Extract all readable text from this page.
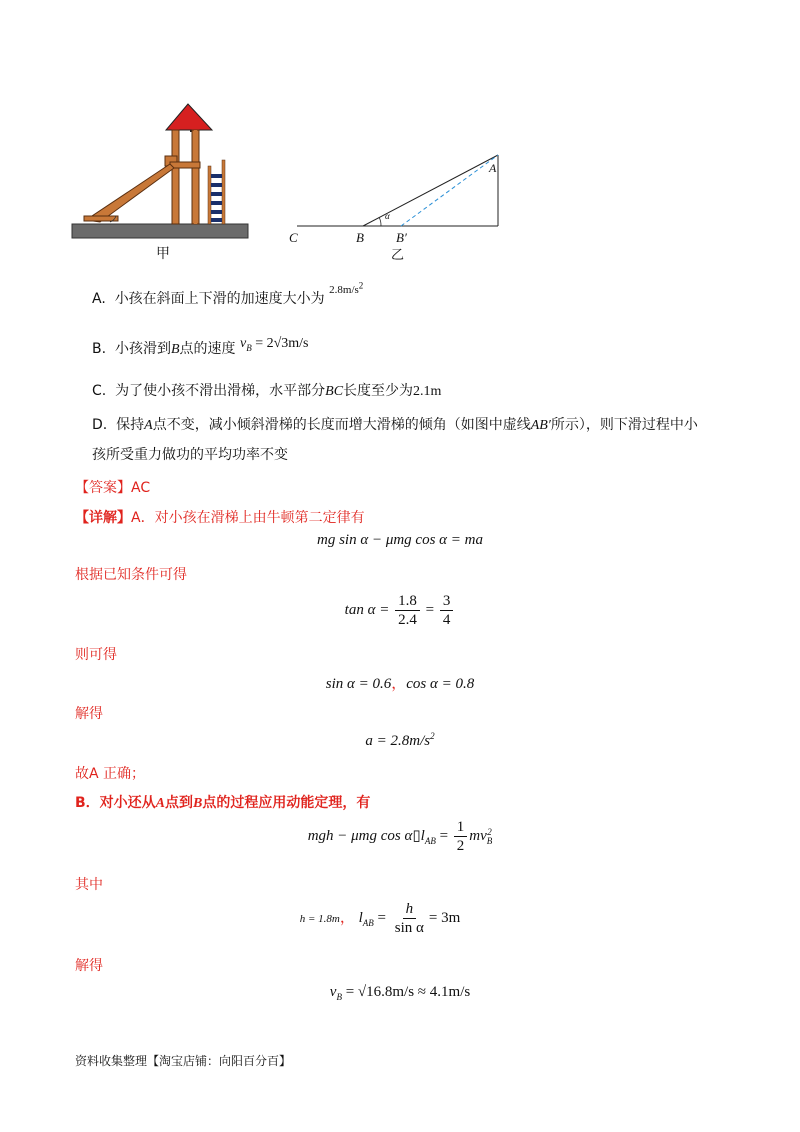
甲
α
A
C	B B′
乙
A. 小孩在斜面上下滑的加速度大小为 $^{2.8m/s^2}$
B. 小孩滑到B点的速度 $v_B = 2√3m/s$
C. 为了使小孩不滑出滑梯，水平部分BC长度至少为2.1m
D. 保持A点不变，减小倾斜滑梯的长度而增大滑梯的倾角（如图中虚线AB′所示），则下滑过程中小
孩所受重力做功的平均功率不变
【答案】AC
【详解】A．对小孩在滑梯上由牛顿第二定律有
mg sin α − μmg cos α = ma
根据已知条件可得
$\tan \alpha = \frac{1.8}{2.4} = \frac{3}{4}$
则可得
sin α = 0.6，cos α = 0.8
解得
$a = 2.8m/s^2$
故A 正确；
B．对小还从A点到B点的过程应用动能定理，有
mgh − μmg $\cos \alpha▯l_{AB} = \frac{1}{2}$ mv 2
B
其中
h = 1.8m， $l_{AB} = \frac{h}{\text{sin α}} = 3m$
解得
$v_B = √16.8m/s \approx 4.1m/s$
资料收集整理【淘宝店铺：向阳百分百】
